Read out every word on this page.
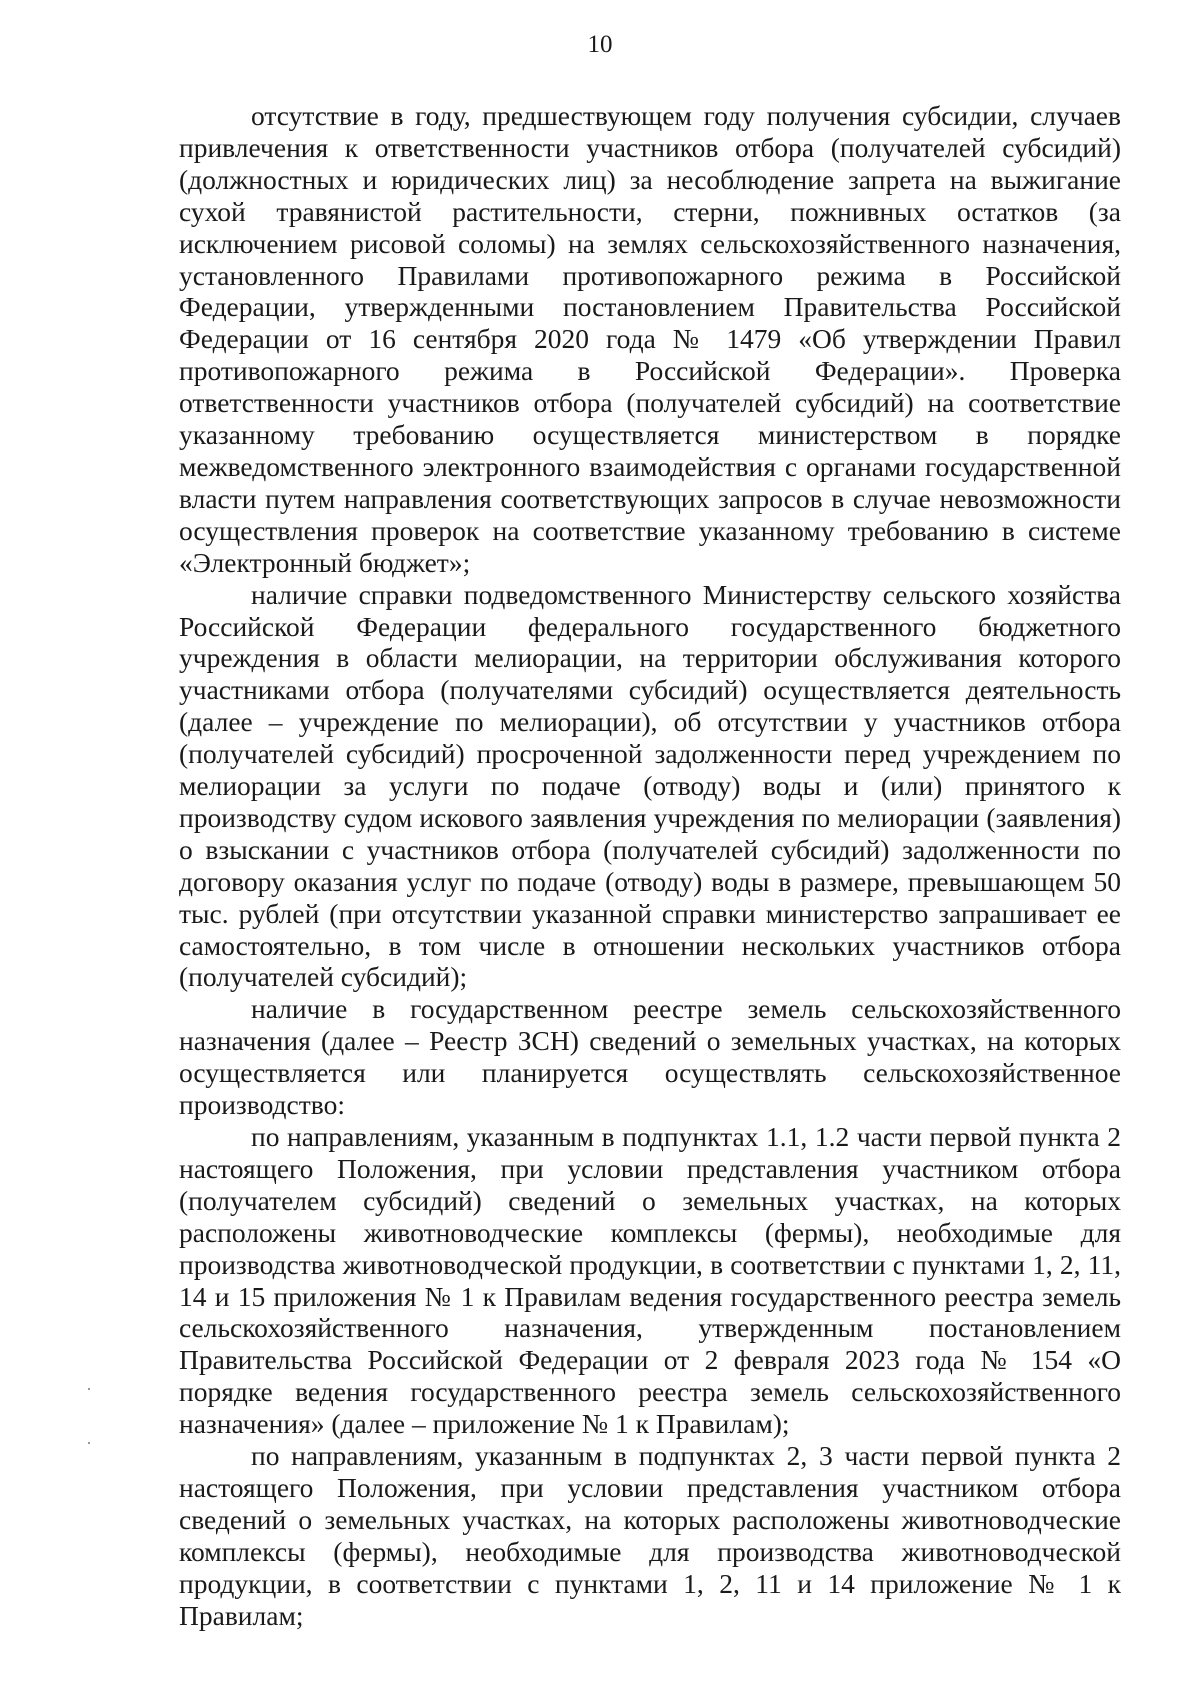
10

отсутствие в году, предшествующем году получения субсидии, случаев привлечения к ответственности участников отбора (получателей субсидий) (должностных и юридических лиц) за несоблюдение запрета на выжигание сухой травянистой растительности, стерни, пожнивных остатков (за исключением рисовой соломы) на землях сельскохозяйственного назначения, установленного Правилами противопожарного режима в Российской Федерации, утвержденными постановлением Правительства Российской Федерации от 16 сентября 2020 года № 1479 «Об утверждении Правил противопожарного режима в Российской Федерации». Проверка ответственности участников отбора (получателей субсидий) на соответствие указанному требованию осуществляется министерством в порядке межведомственного электронного взаимодействия с органами государственной власти путем направления соответствующих запросов в случае невозможности осуществления проверок на соответствие указанному требованию в системе «Электронный бюджет»;

наличие справки подведомственного Министерству сельского хозяйства Российской Федерации федерального государственного бюджетного учреждения в области мелиорации, на территории обслуживания которого участниками отбора (получателями субсидий) осуществляется деятельность (далее – учреждение по мелиорации), об отсутствии у участников отбора (получателей субсидий) просроченной задолженности перед учреждением по мелиорации за услуги по подаче (отводу) воды и (или) принятого к производству судом искового заявления учреждения по мелиорации (заявления) о взыскании с участников отбора (получателей субсидий) задолженности по договору оказания услуг по подаче (отводу) воды в размере, превышающем 50 тыс. рублей (при отсутствии указанной справки министерство запрашивает ее самостоятельно, в том числе в отношении нескольких участников отбора (получателей субсидий);

наличие в государственном реестре земель сельскохозяйственного назначения (далее – Реестр ЗСН) сведений о земельных участках, на которых осуществляется или планируется осуществлять сельскохозяйственное производство:

по направлениям, указанным в подпунктах 1.1, 1.2 части первой пункта 2 настоящего Положения, при условии представления участником отбора (получателем субсидий) сведений о земельных участках, на которых расположены животноводческие комплексы (фермы), необходимые для производства животноводческой продукции, в соответствии с пунктами 1, 2, 11, 14 и 15 приложения № 1 к Правилам ведения государственного реестра земель сельскохозяйственного назначения, утвержденным постановлением Правительства Российской Федерации от 2 февраля 2023 года № 154 «О порядке ведения государственного реестра земель сельскохозяйственного назначения» (далее – приложение № 1 к Правилам);

по направлениям, указанным в подпунктах 2, 3 части первой пункта 2 настоящего Положения, при условии представления участником отбора сведений о земельных участках, на которых расположены животноводческие комплексы (фермы), необходимые для производства животноводческой продукции, в соответствии с пунктами 1, 2, 11 и 14 приложение № 1 к Правилам;
